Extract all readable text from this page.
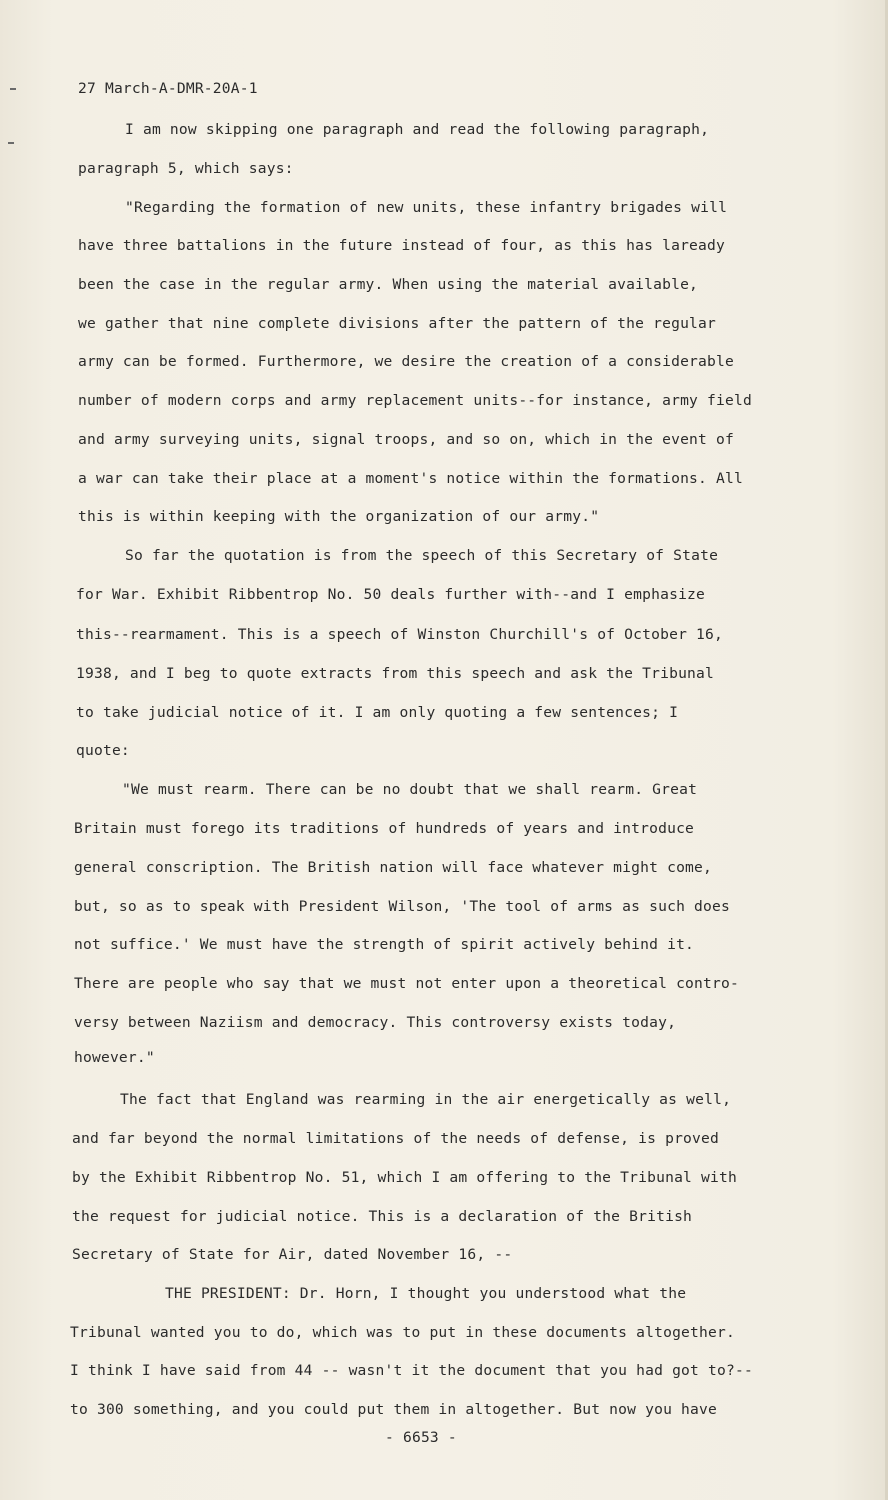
27 March-A-DMR-20A-1
I am now skipping one paragraph and read the following paragraph,
paragraph 5, which says:
"Regarding the formation of new units, these infantry brigades will
have three battalions in the future instead of four, as this has laready
been the case in the regular army. When using the material available,
we gather that nine complete divisions after the pattern of the regular
army can be formed. Furthermore, we desire the creation of a considerable
number of modern corps and army replacement units--for instance, army field
and army surveying units, signal troops, and so on, which in the event of
a war can take their place at a moment's notice within the formations. All
this is within keeping with the organization of our army."
So far the quotation is from the speech of this Secretary of State
for War. Exhibit Ribbentrop No. 50 deals further with--and I emphasize
this--rearmament. This is a speech of Winston Churchill's of October 16,
1938, and I beg to quote extracts from this speech and ask the Tribunal
to take judicial notice of it. I am only quoting a few sentences; I
quote:
"We must rearm. There can be no doubt that we shall rearm. Great
Britain must forego its traditions of hundreds of years and introduce
general conscription. The British nation will face whatever might come,
but, so as to speak with President Wilson, 'The tool of arms as such does
not suffice.' We must have the strength of spirit actively behind it.
There are people who say that we must not enter upon a theoretical contro-
versy between Naziism and democracy. This controversy exists today,
however."
The fact that England was rearming in the air energetically as well,
and far beyond the normal limitations of the needs of defense, is proved
by the Exhibit Ribbentrop No. 51, which I am offering to the Tribunal with
the request for judicial notice. This is a declaration of the British
Secretary of State for Air, dated November 16, --
THE PRESIDENT: Dr. Horn, I thought you understood what the
Tribunal wanted you to do, which was to put in these documents altogether.
I think I have said from 44 -- wasn't it the document that you had got to?--
to 300 something, and you could put them in altogether. But now you have
- 6653 -
